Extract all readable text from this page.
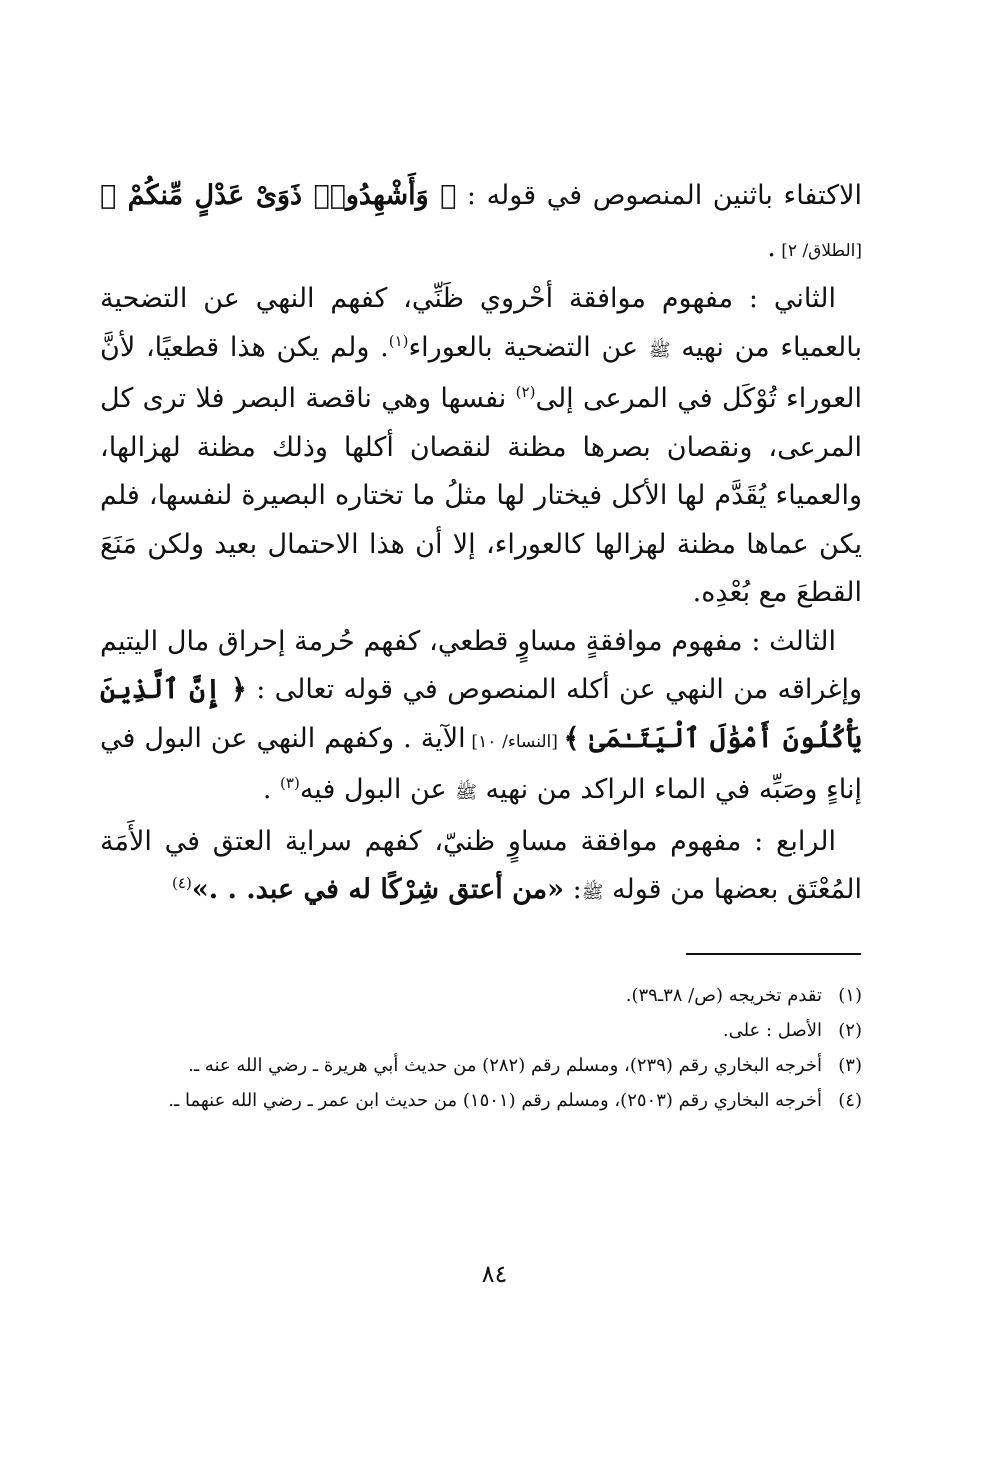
الاكتفاء باثنين المنصوص في قوله : ﴿ وَأَشْهِدُوا۟ ذَوَىْ عَدْلٍ مِّنكُمْ ﴾ [الطلاق/ ٢] .

الثاني : مفهوم موافقة أحْروي ظَنِّي، كفهم النهي عن التضحية بالعمياء من نهيه ﷺ عن التضحية بالعوراء$^{(١)}$. ولم يكن هذا قطعيًا، لأنَّ العوراء تُوْكَل في المرعى إلى$^{(٢)}$ نفسها وهي ناقصة البصر فلا ترى كل المرعى، ونقصان بصرها مظنة لنقصان أكلها وذلك مظنة لهزالها، والعمياء يُقَدَّم لها الأكل فيختار لها مثلُ ما تختاره البصيرة لنفسها، فلم يكن عماها مظنة لهزالها كالعوراء، إلا أن هذا الاحتمال بعيد ولكن مَنَعَ القطعَ مع بُعْدِه.

الثالث : مفهوم موافقةٍ مساوٍ قطعي، كفهم حُرمة إحراق مال اليتيم وإغراقه من النهي عن أكله المنصوص في قوله تعالى : ﴿ إِنَّ ٱلَّذِينَ يَأْكُلُونَ أَمْوَٰلَ ٱلْيَتَـٰمَىٰ ﴾ [النساء/ ١٠] الآية . وكفهم النهي عن البول في إناءٍ وصَبِّه في الماء الراكد من نهيه ﷺ عن البول فيه$^{(٣)}$ .

الرابع : مفهوم موافقة مساوٍ ظنيّ، كفهم سراية العتق في الأَمَة المُعْتَق بعضها من قوله ﷺ: «من أعتق شِرْكًا له في عبد. . .»$^{(٤)}$

(١)
تقدم تخريجه (ص/ ٣٨ـ٣٩).
(٢)
الأصل : على.
(٣)
أخرجه البخاري رقم (٢٣٩)، ومسلم رقم (٢٨٢) من حديث أبي هريرة ـ رضي الله عنه ـ.
(٤)
أخرجه البخاري رقم (٢٥٠٣)، ومسلم رقم (١٥٠١) من حديث ابن عمر ـ رضي الله عنهما ـ.
٨٤
